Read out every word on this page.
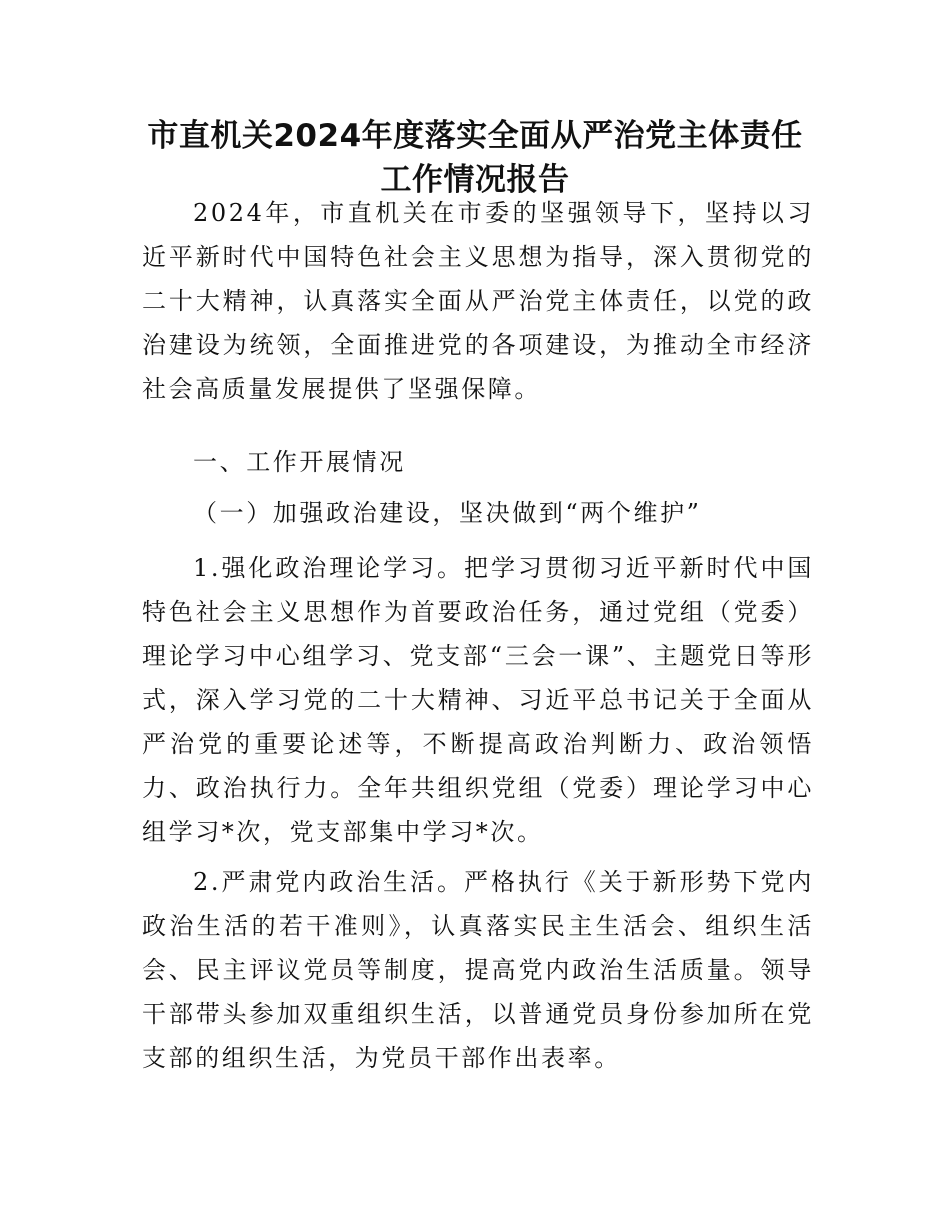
市直机关2024年度落实全面从严治党主体责任
工作情况报告

2024年，市直机关在市委的坚强领导下，坚持以习近平新时代中国特色社会主义思想为指导，深入贯彻党的二十大精神，认真落实全面从严治党主体责任，以党的政治建设为统领，全面推进党的各项建设，为推动全市经济社会高质量发展提供了坚强保障。

一、工作开展情况

（一）加强政治建设，坚决做到“两个维护”

1.强化政治理论学习。把学习贯彻习近平新时代中国特色社会主义思想作为首要政治任务，通过党组（党委）理论学习中心组学习、党支部“三会一课”、主题党日等形式，深入学习党的二十大精神、习近平总书记关于全面从严治党的重要论述等，不断提高政治判断力、政治领悟力、政治执行力。全年共组织党组（党委）理论学习中心组学习*次，党支部集中学习*次。

2.严肃党内政治生活。严格执行《关于新形势下党内政治生活的若干准则》，认真落实民主生活会、组织生活会、民主评议党员等制度，提高党内政治生活质量。领导干部带头参加双重组织生活，以普通党员身份参加所在党支部的组织生活，为党员干部作出表率。
